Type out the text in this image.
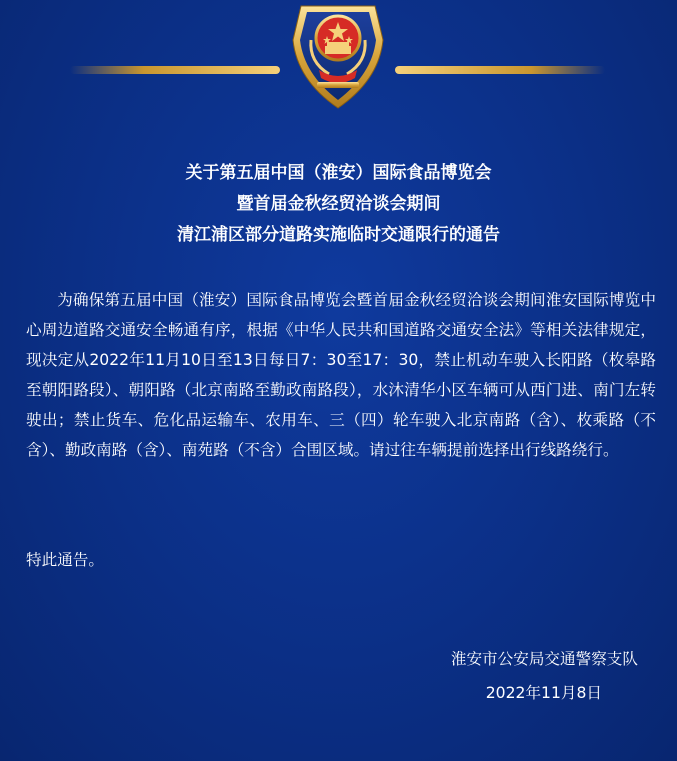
关于第五届中国（淮安）国际食品博览会
暨首届金秋经贸洽谈会期间
清江浦区部分道路实施临时交通限行的通告
为确保第五届中国（淮安）国际食品博览会暨首届金秋经贸洽谈会期间淮安国际博览中心周边道路交通安全畅通有序，根据《中华人民共和国道路交通安全法》等相关法律规定，现决定从2022年11月10日至13日每日7：30至17：30，禁止机动车驶入长阳路（枚皋路至朝阳路段）、朝阳路（北京南路至勤政南路段），水沐清华小区车辆可从西门进、南门左转驶出；禁止货车、危化品运输车、农用车、三（四）轮车驶入北京南路（含）、枚乘路（不含）、勤政南路（含）、南苑路（不含）合围区域。请过往车辆提前选择出行线路绕行。
特此通告。
淮安市公安局交通警察支队
2022年11月8日
